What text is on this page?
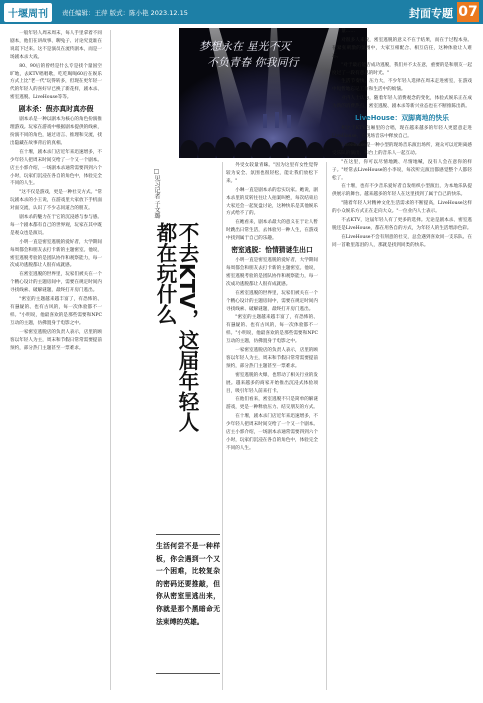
十堰周刊	责任编辑：王萍 版式：陈小艳 2023.12.15	封面专题 07

一般年轻人周末周末，每人手里拿着不同剧本，他们在讲故事、聊兔子、讨论究竟谁在说谎下过来。这不是演员在流传剧本，而是一场剧本杀大戏。

80、90后的曾经是什么专是找个量国空旷地，去KTV唱唱歌，吃吃喝喝60后在娱乐方式上比"老一代"玩得转多，但现在更年轻一代的年轻人的喜好早已换了新花样，剧本杀、密室逃脱、LiveHouse等等。

剧本杀：假亦真时真亦假

剧本杀是一种以剧本为核心的角色扮演推理游戏。玩家在游戏中根据剧本提供的线索，扮演不同的角色，通过语言、推理和交流，找出隐藏在故事背后的真相。

在十堰，剧本杀门店近年来迅速增多，不少年轻人把周末时间交给了一个又一个剧本。店主小郭介绍，一场剧本杀通常需要四到六个小时，玩家们沉浸在各自的角色中，体验完全不同的人生。

"这不仅是游戏，更是一种社交方式。"常玩剧本杀的小王说，在游戏里大家放下手机面对面交流，认识了不少志同道合的朋友。

剧本杀的魅力在于它的沉浸感与参与感。每一个剧本都有自己的世界观，玩家在其中既是观众也是演员。

小明一直是密室逃脱的爱好者，大学期间每周都会和朋友去打卡新的主题密室。他说，密室逃脱考验的是团队协作和观察能力，每一次成功逃脱都让人很有成就感。

在密室逃脱的世界里，玩家们被关在一个个精心设计的主题房间中，需要在规定时间内寻找线索、破解谜题，最终打开房门逃出。

"密室的主题越来越丰富了，有恐怖的、有悬疑的、也有古风的，每一次体验都不一样。"小明说，他最喜欢的是那些需要和NPC互动的主题，仿佛置身于电影之中。

一家密室逃脱店的负责人表示，店里的顾客以年轻人为主，周末和节假日常常需要提前预约，部分热门主题甚至一票难求。

梦想永在 星光不灭
不负青春 你我同行
□见习记者 子文璐
不去KTV，这届年轻人都在玩什么

生活何尝不是一种样板，你会遇到一个又一个困难，比较复杂的密码还要推敲，但你从密室里逃出来，你就是那个黑暗命无法束缚的英雄。

外受女较量青睐。"因为这里有女性觉得较为安全、氛围也很轻松，能让我们放松下来。"

小琳一直是剧本杀的忠实玩家。她说，剧本杀里的反转往往让人拍案叫绝，每次结束后大家还会一起复盘讨论，这种快乐是其他娱乐方式给不了的。

在她看来，剧本杀最大的意义在于让人暂时跳出日常生活，去体验另一种人生，在游戏中找到属于自己的乐趣。

密室逃脱：恰情猜谜生出口

小明一直是密室逃脱的爱好者，大学期间每周都会和朋友去打卡新的主题密室。他说，密室逃脱考验的是团队协作和观察能力，每一次成功逃脱都让人很有成就感。

在密室逃脱的世界里，玩家们被关在一个个精心设计的主题房间中，需要在规定时间内寻找线索、破解谜题，最终打开房门逃出。

"密室的主题越来越丰富了，有恐怖的、有悬疑的、也有古风的，每一次体验都不一样。"小明说，他最喜欢的是那些需要和NPC互动的主题，仿佛置身于电影之中。

一家密室逃脱店的负责人表示，店里的顾客以年轻人为主，周末和节假日常常需要提前预约，部分热门主题甚至一票难求。

密室逃脱的火爆，也带动了相关行业的发展。越来越多的商家开始推出沉浸式体验项目，吸引年轻人前来打卡。

在他们看来，密室逃脱不只是简单的解谜游戏，更是一种释放压力、结交朋友的方式。

在十堰，剧本杀门店近年来迅速增多，不少年轻人把周末时间交给了一个又一个剧本。店主小郭介绍，一场剧本杀通常需要四到六个小时，玩家们沉浸在各自的角色中，体验完全不同的人生。

量……

对很多人来说，密室逃脱的意义不在于结果，而在于过程本身。在紧张刺激的氛围中，大家互相配合、相互信任，这种体验让人难忘。

"对于最后能否成功逃脱，我们并不太在意，重要的是和朋友一起度过了一段有意思的时光。"

生活节奏快、压力大，不少年轻人选择在周末走进密室，在游戏中短暂地忘记工作和生活中的烦恼。

业内人士认为，随着年轻人消费观念的变化，体验式娱乐正在成为新的消费热点，密室逃脱、剧本杀等新兴业态也在不断推陈出新。

LiveHouse：双脚离地的快乐

相比于KTV包厢里的合唱，现在越来越多的年轻人更愿意走进LiveHouse，在现场音乐中释放自己。

LiveHouse是一种小型的现场音乐演出场所，观众可以近距离感受乐队的演出，和台上的音乐人一起互动。

"在这里，你可以尽情地跳、尽情地喊，没有人会在意你的样子。"经常去LiveHouse的小李说，每次听完演出都感觉整个人都轻松了。

在十堰，也有不少音乐爱好者自发组织小型演出，为本地乐队提供展示的舞台。越来越多的年轻人在这里找到了属于自己的快乐。

"随着年轻人对精神文化生活需求的不断提高，LiveHouse这样的小众娱乐方式正在走向大众。"一位业内人士表示。

不去KTV，这届年轻人有了更多的选择。无论是剧本杀、密室逃脱还是LiveHouse，都在用各自的方式，为年轻人的生活增添色彩。

在LiveHouse不会有刻意的社交，总会遇到喜欢同一支乐队、在同一首歌里落泪的人，那就是找到同类的快乐。
